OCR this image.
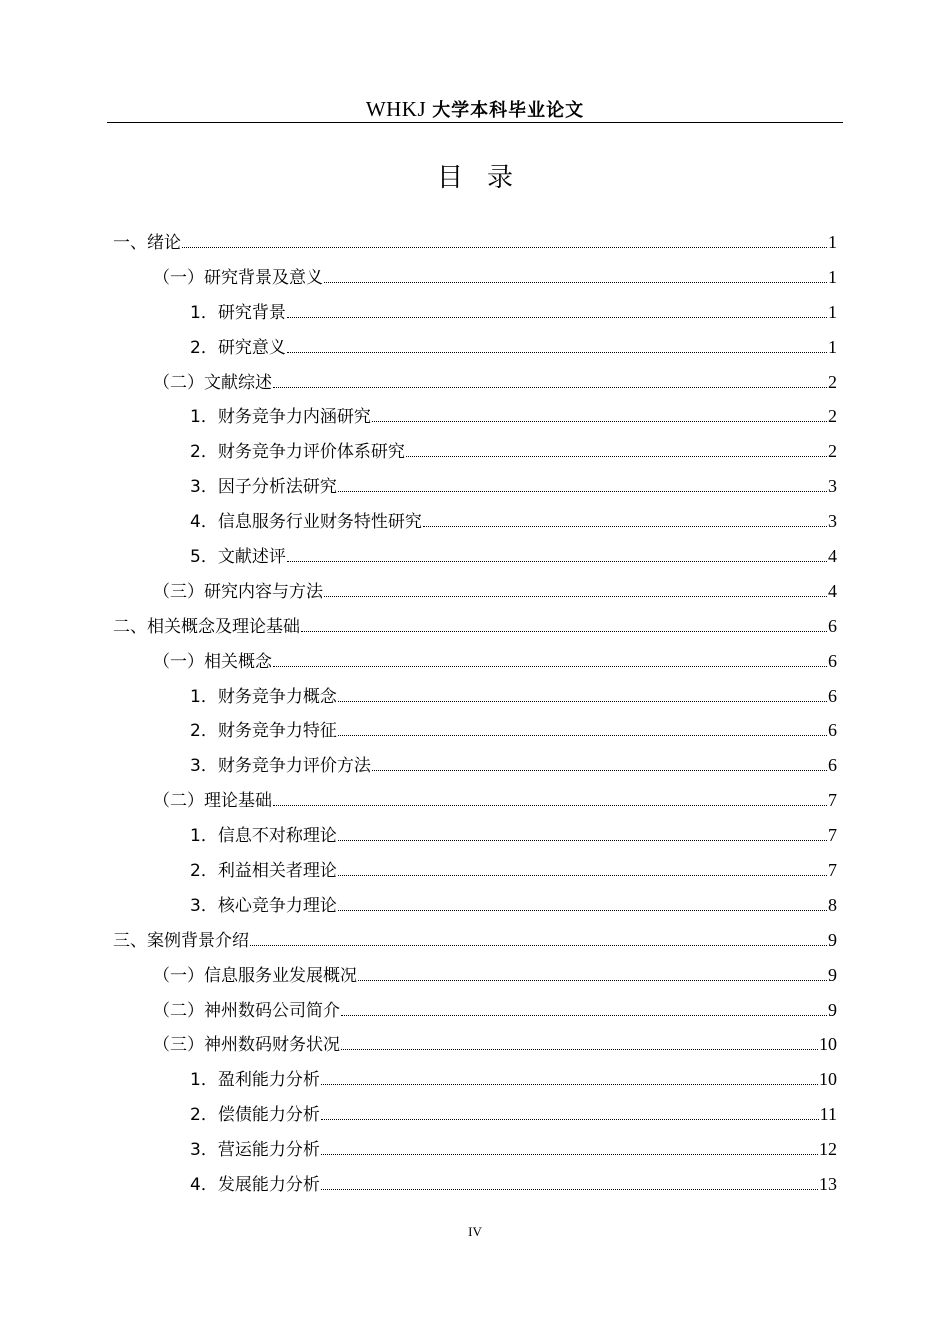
WHKJ 大学本科毕业论文
目录
一、绪论	1
（一）研究背景及意义	1
1．研究背景	1
2．研究意义	1
（二）文献综述	2
1．财务竞争力内涵研究	2
2．财务竞争力评价体系研究	2
3．因子分析法研究	3
4．信息服务行业财务特性研究	3
5．文献述评	4
（三）研究内容与方法	4
二、相关概念及理论基础	6
（一）相关概念	6
1．财务竞争力概念	6
2．财务竞争力特征	6
3．财务竞争力评价方法	6
（二）理论基础	7
1．信息不对称理论	7
2．利益相关者理论	7
3．核心竞争力理论	8
三、案例背景介绍	9
（一）信息服务业发展概况	9
（二）神州数码公司简介	9
（三）神州数码财务状况	10
1．盈利能力分析	10
2．偿债能力分析	11
3．营运能力分析	12
4．发展能力分析	13
IV
